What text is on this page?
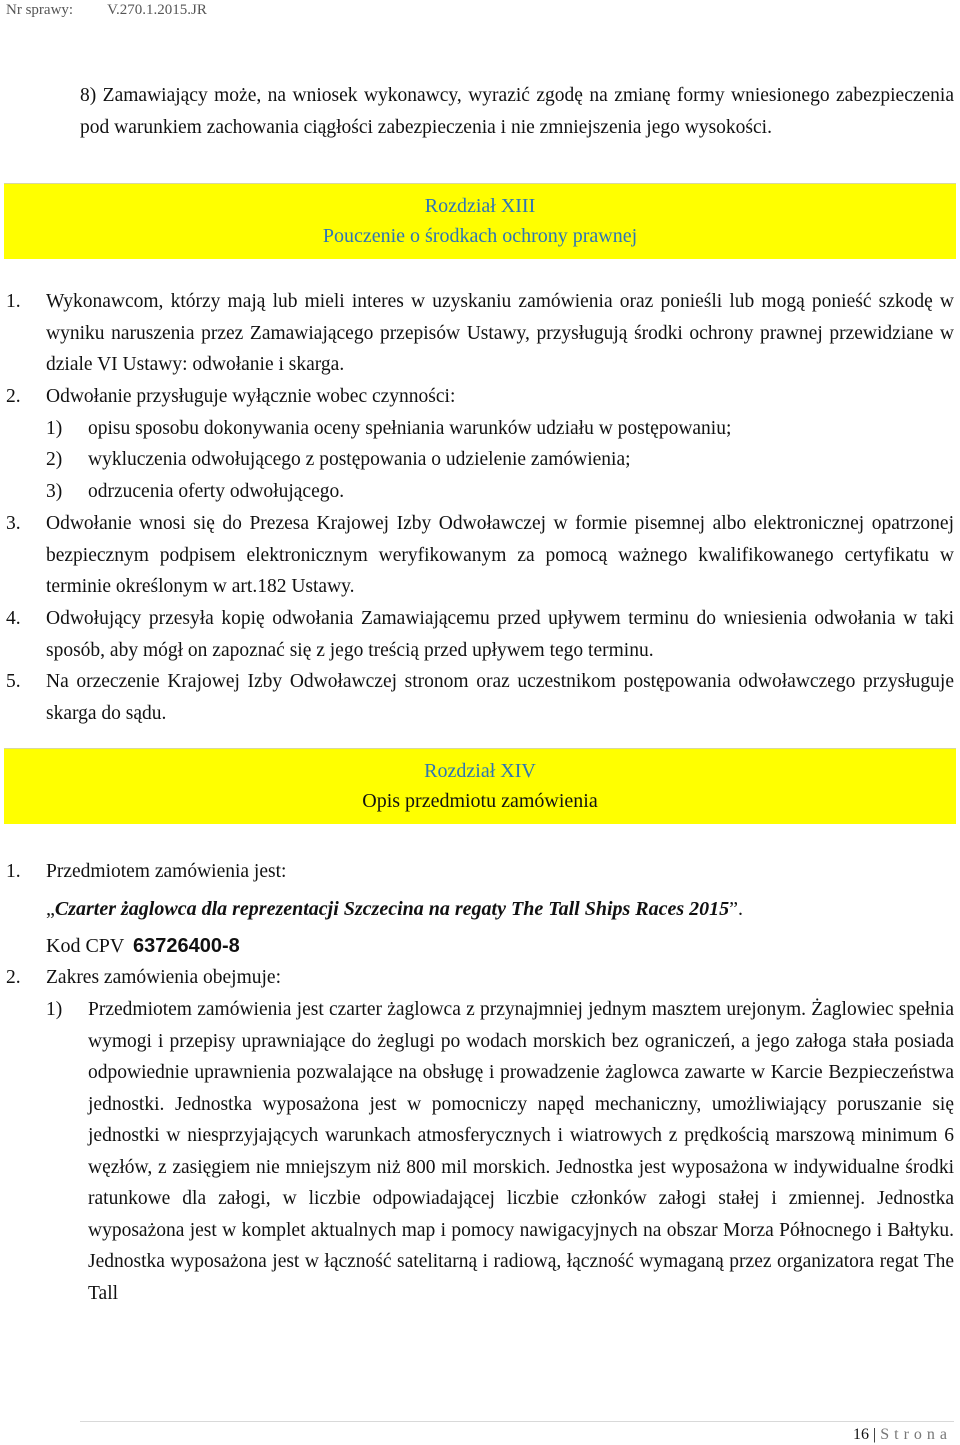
Nr sprawy: V.270.1.2015.JR
8) Zamawiający może, na wniosek wykonawcy, wyrazić zgodę na zmianę formy wniesionego zabezpieczenia pod warunkiem zachowania ciągłości zabezpieczenia i nie zmniejszenia jego wysokości.
Rozdział XIII
Pouczenie o środkach ochrony prawnej
1.	Wykonawcom, którzy mają lub mieli interes w uzyskaniu zamówienia oraz ponieśli lub mogą ponieść szkodę w wyniku naruszenia przez Zamawiającego przepisów Ustawy, przysługują środki ochrony prawnej przewidziane w dziale VI Ustawy: odwołanie i skarga.
2.	Odwołanie przysługuje wyłącznie wobec czynności:
1) opisu sposobu dokonywania oceny spełniania warunków udziału w postępowaniu;
2) wykluczenia odwołującego z postępowania o udzielenie zamówienia;
3) odrzucenia oferty odwołującego.
3.	Odwołanie wnosi się do Prezesa Krajowej Izby Odwoławczej w formie pisemnej albo elektronicznej opatrzonej bezpiecznym podpisem elektronicznym weryfikowanym za pomocą ważnego kwalifikowanego certyfikatu w terminie określonym w art.182 Ustawy.
4.	Odwołujący przesyła kopię odwołania Zamawiającemu przed upływem terminu do wniesienia odwołania w taki sposób, aby mógł on zapoznać się z jego treścią przed upływem tego terminu.
5.	Na orzeczenie Krajowej Izby Odwoławczej stronom oraz uczestnikom postępowania odwoławczego przysługuje skarga do sądu.
Rozdział XIV
Opis przedmiotu zamówienia
1.	Przedmiotem zamówienia jest:
„Czarter żaglowca dla reprezentacji Szczecina na regaty The Tall Ships Races 2015”.
Kod CPV 63726400-8
2.	Zakres zamówienia obejmuje:
1) Przedmiotem zamówienia jest czarter żaglowca z przynajmniej jednym masztem urejonym. Żaglowiec spełnia wymogi i przepisy uprawniające do żeglugi po wodach morskich bez ograniczeń, a jego załoga stała posiada odpowiednie uprawnienia pozwalające na obsługę i prowadzenie żaglowca zawarte w Karcie Bezpieczeństwa jednostki. Jednostka wyposażona jest w pomocniczy napęd mechaniczny, umożliwiający poruszanie się jednostki w niesprzyjających warunkach atmosferycznych i wiatrowych z prędkością marszową minimum 6 węzłów, z zasięgiem nie mniejszym niż 800 mil morskich. Jednostka jest wyposażona w indywidualne środki ratunkowe dla załogi, w liczbie odpowiadającej liczbie członków załogi stałej i zmiennej. Jednostka wyposażona jest w komplet aktualnych map i pomocy nawigacyjnych na obszar Morza Północnego i Bałtyku. Jednostka wyposażona jest w łączność satelitarną i radiową, łączność wymaganą przez organizatora regat The Tall
16 | Strona
